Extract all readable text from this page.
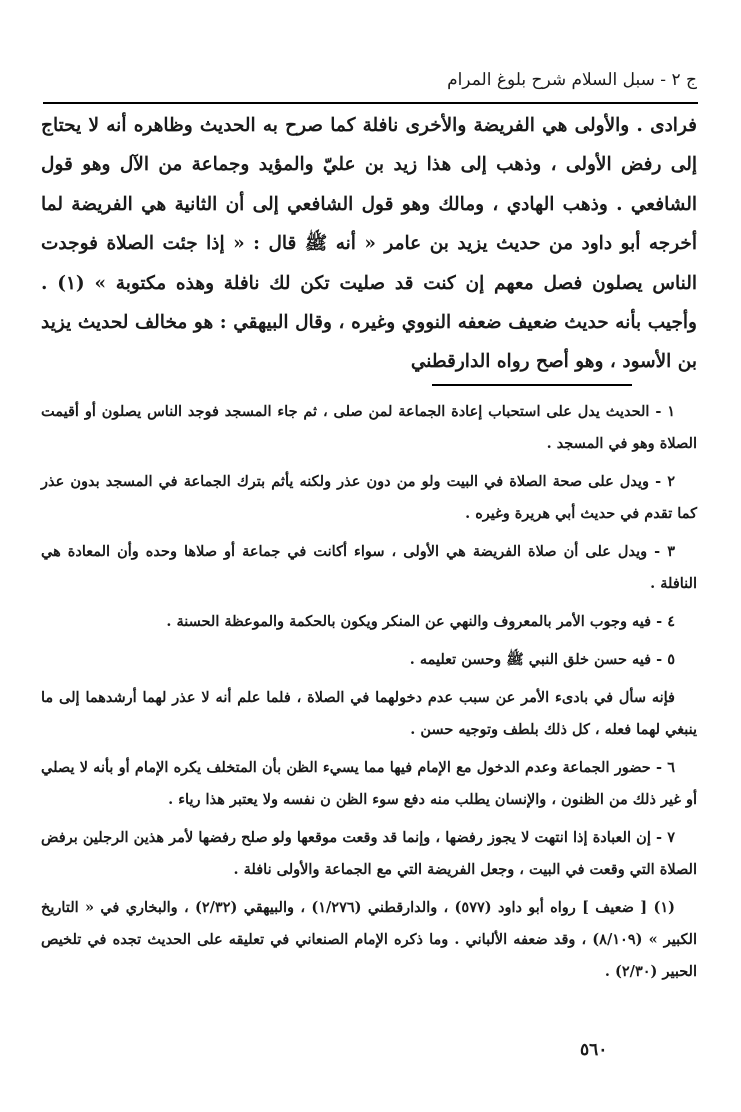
ج ٢ - سبل السلام شرح بلوغ المرام

فرادى . والأولى هي الفريضة والأخرى نافلة كما صرح به الحديث وظاهره أنه لا يحتاج إلى رفض الأولى ، وذهب إلى هذا زيد بن عليّ والمؤيد وجماعة من الآل وهو قول الشافعي . وذهب الهادي ، ومالك وهو قول الشافعي إلى أن الثانية هي الفريضة لما أخرجه أبو داود من حديث يزيد بن عامر « أنه ﷺ قال : « إذا جئت الصلاة فوجدت الناس يصلون فصل معهم إن كنت قد صليت تكن لك نافلة وهذه مكتوبة » (١) . وأجيب بأنه حديث ضعيف ضعفه النووي وغيره ، وقال البيهقي : هو مخالف لحديث يزيد بن الأسود ، وهو أصح رواه الدارقطني

١ - الحديث يدل على استحباب إعادة الجماعة لمن صلى ، ثم جاء المسجد فوجد الناس يصلون أو أقيمت الصلاة وهو في المسجد .

٢ - ويدل على صحة الصلاة في البيت ولو من دون عذر ولكنه يأثم بترك الجماعة في المسجد بدون عذر كما تقدم في حديث أبي هريرة وغيره .

٣ - ويدل على أن صلاة الفريضة هي الأولى ، سواء أكانت في جماعة أو صلاها وحده وأن المعادة هي النافلة .

٤ - فيه وجوب الأمر بالمعروف والنهي عن المنكر ويكون بالحكمة والموعظة الحسنة .

٥ - فيه حسن خلق النبي ﷺ وحسن تعليمه .

فإنه سأل في بادىء الأمر عن سبب عدم دخولهما في الصلاة ، فلما علم أنه لا عذر لهما أرشدهما إلى ما ينبغي لهما فعله ، كل ذلك بلطف وتوجيه حسن .

٦ - حضور الجماعة وعدم الدخول مع الإمام فيها مما يسيء الظن بأن المتخلف يكره الإمام أو بأنه لا يصلي أو غير ذلك من الظنون ، والإنسان يطلب منه دفع سوء الظن ن نفسه ولا يعتبر هذا رياء .

٧ - إن العبادة إذا انتهت لا يجوز رفضها ، وإنما قد وقعت موقعها ولو صلح رفضها لأمر هذين الرجلين برفض الصلاة التي وقعت في البيت ، وجعل الفريضة التي مع الجماعة والأولى نافلة .

(١) [ ضعيف ] رواه أبو داود (٥٧٧) ، والدارقطني (١/٢٧٦) ، والبيهقي (٢/٣٢) ، والبخاري في « التاريخ الكبير » (٨/١٠٩) ، وقد ضعفه الألباني . وما ذكره الإمام الصنعاني في تعليقه على الحديث تجده في تلخيص الحبير (٢/٣٠) .

٥٦٠
